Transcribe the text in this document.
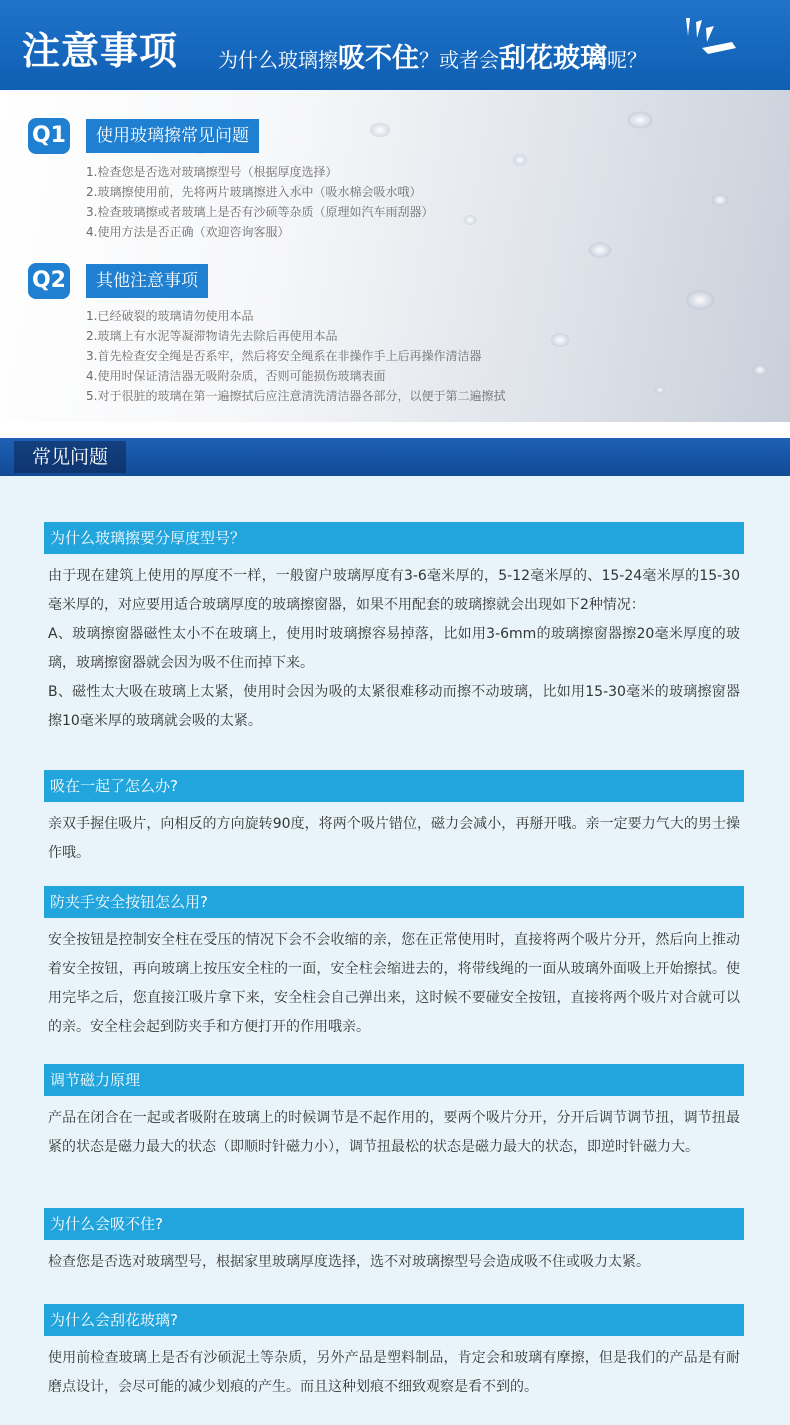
注意事项 为什么玻璃擦吸不住？或者会刮花玻璃呢？
Q1	使用玻璃擦常见问题
1.检查您是否选对玻璃擦型号（根据厚度选择）
2.玻璃擦使用前，先将两片玻璃擦进入水中（吸水棉会吸水哦）
3.检查玻璃擦或者玻璃上是否有沙硕等杂质（原理如汽车雨刮器）
4.使用方法是否正确（欢迎咨询客服）
Q2	其他注意事项
1.已经破裂的玻璃请勿使用本品
2.玻璃上有水泥等凝滞物请先去除后再使用本品
3.首先检查安全绳是否系牢，然后将安全绳系在非操作手上后再操作清洁器
4.使用时保证清洁器无吸附杂质，否则可能损伤玻璃表面
5.对于很脏的玻璃在第一遍擦拭后应注意清洗清洁器各部分，以便于第二遍擦拭
常见问题
为什么玻璃擦要分厚度型号？

由于现在建筑上使用的厚度不一样，一般窗户玻璃厚度有3-6毫米厚的，5-12毫米厚的、15-24毫米厚的15-30毫米厚的，对应要用适合玻璃厚度的玻璃擦窗器，如果不用配套的玻璃擦就会出现如下2种情况：

A、玻璃擦窗器磁性太小不在玻璃上，使用时玻璃擦容易掉落，比如用3-6mm的玻璃擦窗器擦20毫米厚度的玻璃，玻璃擦窗器就会因为吸不住而掉下来。

B、磁性太大吸在玻璃上太紧，使用时会因为吸的太紧很难移动而擦不动玻璃，比如用15-30毫米的玻璃擦窗器擦10毫米厚的玻璃就会吸的太紧。

吸在一起了怎么办?

亲双手握住吸片，向相反的方向旋转90度，将两个吸片错位，磁力会减小，再掰开哦。亲一定要力气大的男士操作哦。

防夹手安全按钮怎么用?

安全按钮是控制安全柱在受压的情况下会不会收缩的亲，您在正常使用时，直接将两个吸片分开，然后向上推动着安全按钮，再向玻璃上按压安全柱的一面，安全柱会缩进去的，将带线绳的一面从玻璃外面吸上开始擦拭。使用完毕之后，您直接江吸片拿下来，安全柱会自己弹出来，这时候不要碰安全按钮，直接将两个吸片对合就可以的亲。安全柱会起到防夹手和方便打开的作用哦亲。

调节磁力原理

产品在闭合在一起或者吸附在玻璃上的时候调节是不起作用的，要两个吸片分开，分开后调节调节扭，调节扭最紧的状态是磁力最大的状态（即顺时针磁力小），调节扭最松的状态是磁力最大的状态，即逆时针磁力大。

为什么会吸不住?

检查您是否选对玻璃型号，根据家里玻璃厚度选择，选不对玻璃擦型号会造成吸不住或吸力太紧。

为什么会刮花玻璃?

使用前检查玻璃上是否有沙硕泥土等杂质，另外产品是塑料制品，肯定会和玻璃有摩擦，但是我们的产品是有耐磨点设计，会尽可能的减少划痕的产生。而且这种划痕不细致观察是看不到的。
